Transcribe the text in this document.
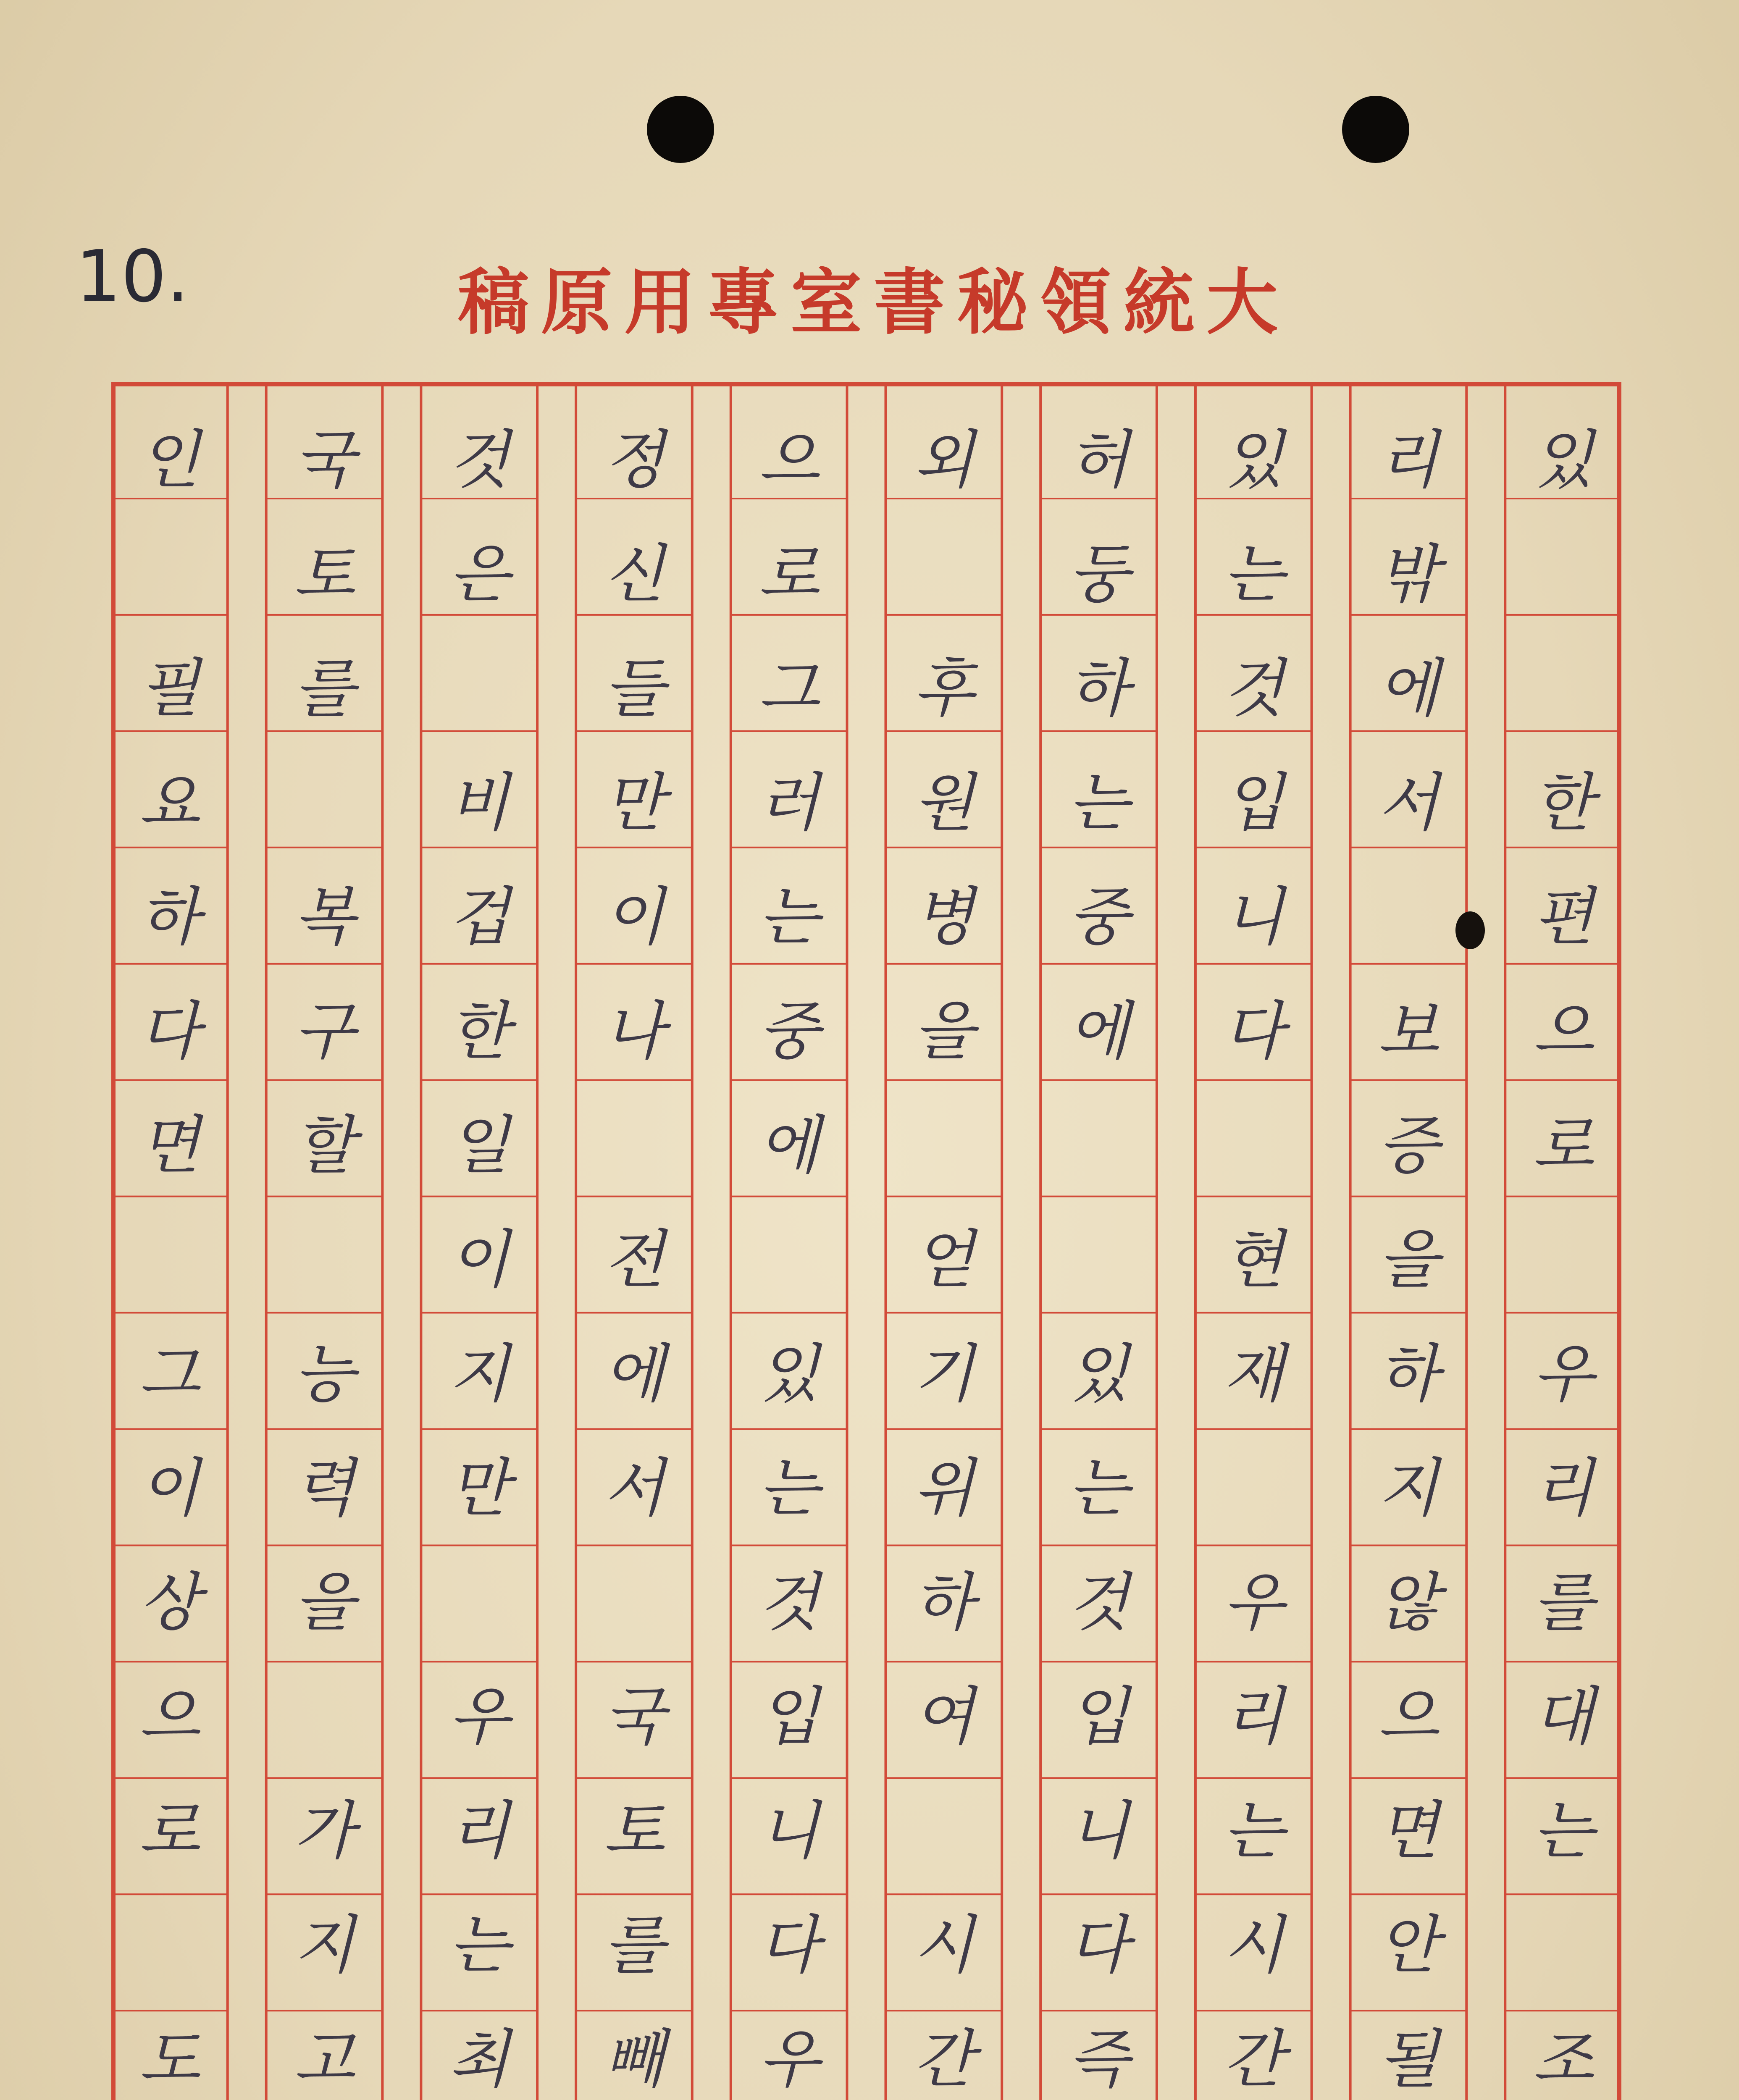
10.	稿原用專室書秘領統大
있
한
편
으
로
우
리
를
대
는
조
리
밖
에
서
보
증
을
하
지
않
으
면
안
될
있
는
것
입
니
다
현
재
우
리
는
시
간
허
둥
하
는
중
에
있
는
것
입
니
다
즉
외
후
원
병
을
얻
기
위
하
여
시
간
으
로
그
러
는
중
에
있
는
것
입
니
다
우
정
신
들
만
이
나
전
에
서
국
토
를
빼
것
은
비
겁
한
일
이
지
만
우
리
는
최
국
토
를
복
구
할
능
력
을
가
지
고
인
필
요
하
다
면
그
이
상
으
로
도
